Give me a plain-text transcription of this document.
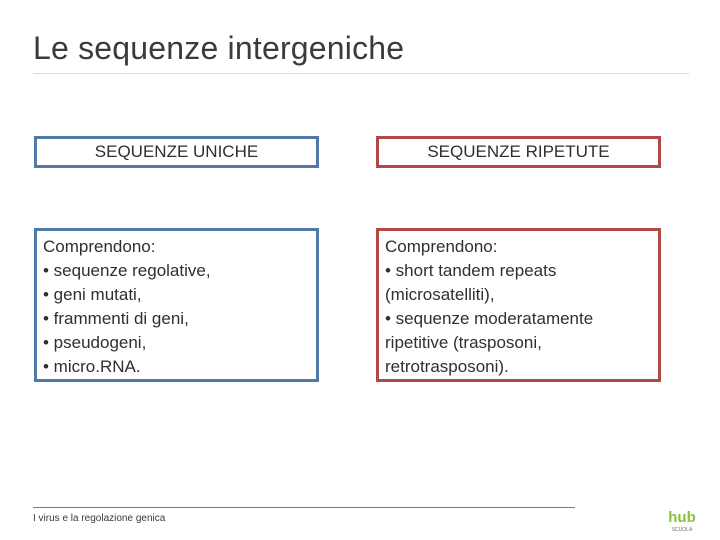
Le sequenze intergeniche
SEQUENZE UNICHE	SEQUENZE RIPETUTE
Comprendono:
• sequenze regolative,
• geni mutati,
• frammenti di geni,
• pseudogeni,
• micro.RNA.
Comprendono:
• short tandem repeats
(microsatelliti),
• sequenze moderatamente
ripetitive (trasposoni,
retrotrasposoni).
I virus e la regolazione genica	hub
SCUOLA
